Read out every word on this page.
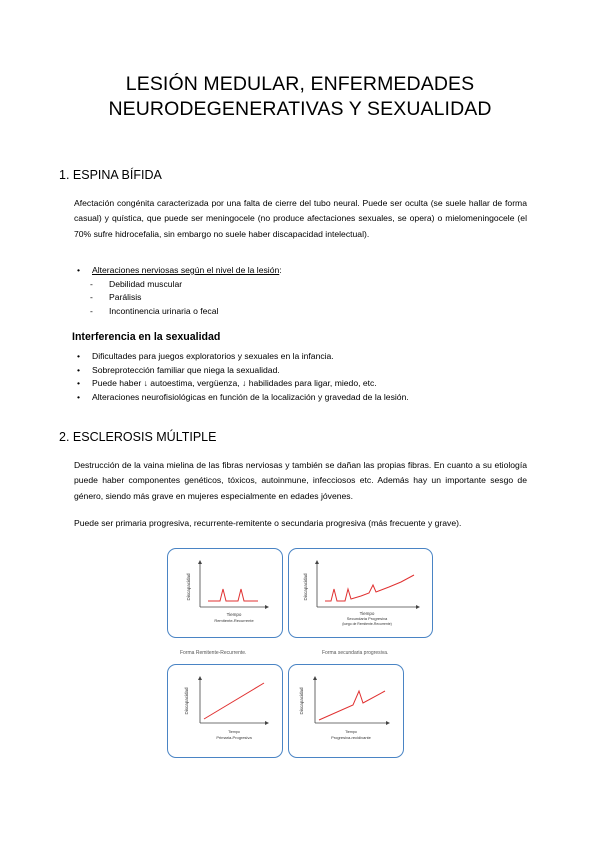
LESIÓN MEDULAR, ENFERMEDADES
NEURODEGENERATIVAS Y SEXUALIDAD
1. ESPINA BÍFIDA
Afectación congénita caracterizada por una falta de cierre del tubo neural. Puede ser oculta (se suele hallar de forma casual) y quística, que puede ser meningocele (no produce afectaciones sexuales, se opera) o mielomeningocele (el 70% sufre hidrocefalia, sin embargo no suele haber discapacidad intelectual).
• Alteraciones nerviosas según el nivel de la lesión:
- Debilidad muscular
- Parálisis
- Incontinencia urinaria o fecal
Interferencia en la sexualidad
• Dificultades para juegos exploratorios y sexuales en la infancia.
• Sobreprotección familiar que niega la sexualidad.
• Puede haber ↓ autoestima, vergüenza, ↓ habilidades para ligar, miedo, etc.
• Alteraciones neurofisiológicas en función de la localización y gravedad de la lesión.
2. ESCLEROSIS MÚLTIPLE
Destrucción de la vaina mielina de las fibras nerviosas y también se dañan las propias fibras. En cuanto a su etiología puede haber componentes genéticos, tóxicos, autoinmune, infecciosos etc. Además hay un importante sesgo de género, siendo más grave en mujeres especialmente en edades jóvenes.
Puede ser primaria progresiva, recurrente-remitente o secundaria progresiva (más frecuente y grave).
Discapacidad
Tiempo
Remitente-Recurrente
Forma Remitente-Recurrente.
Discapacidad
Tiempo
Secundaria Progresiva
(luego de Remitente-Recurrente)
Forma secundaria progresiva.
Discapacidad
Tiempo
Primaria-Progresiva
Discapacidad
Tiempo
Progresiva-recidivante
